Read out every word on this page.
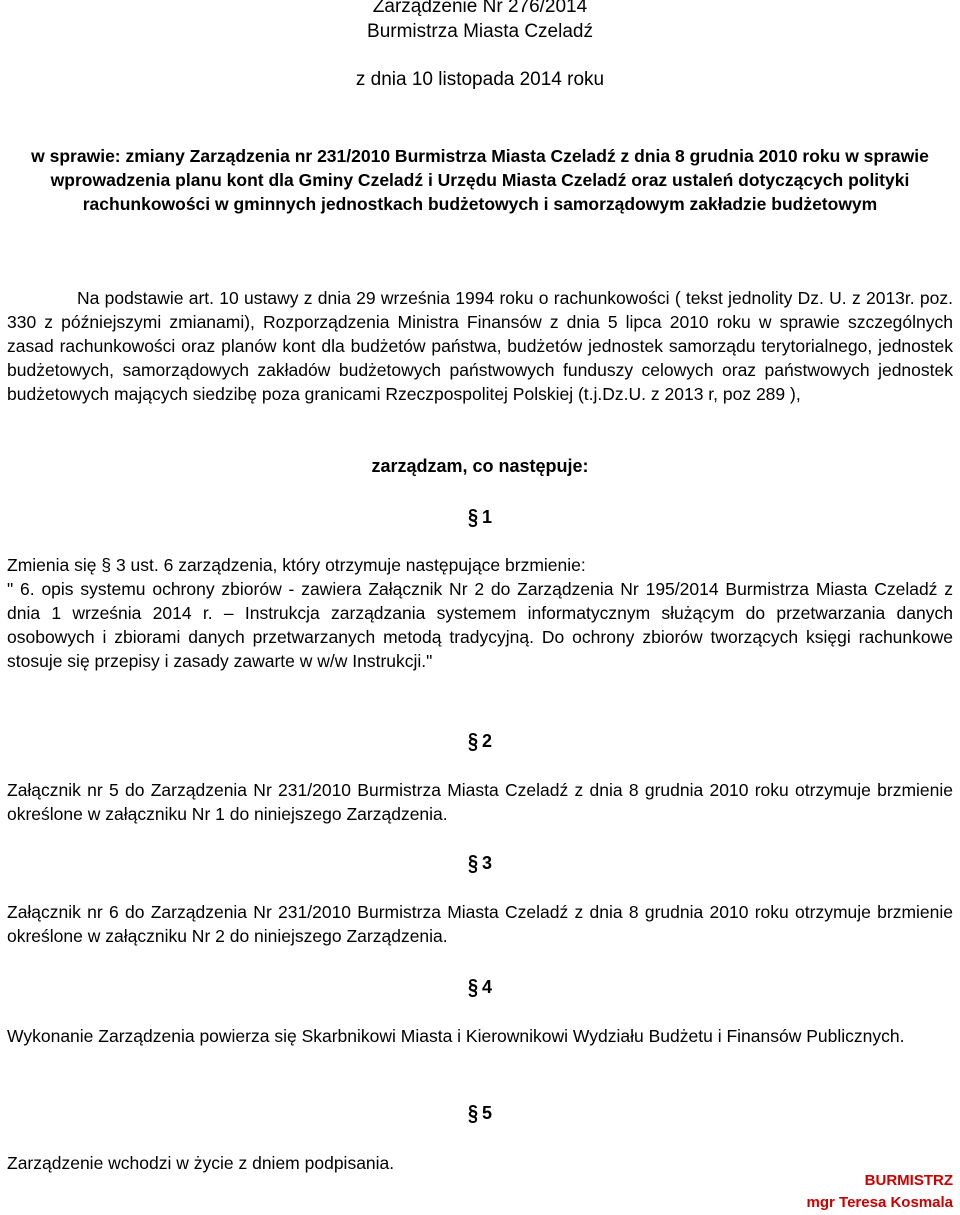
Zarządzenie Nr 276/2014
Burmistrza Miasta Czeladź
z dnia 10 listopada 2014 roku
w sprawie: zmiany Zarządzenia nr 231/2010 Burmistrza Miasta Czeladź z dnia 8 grudnia 2010 roku w sprawie wprowadzenia planu kont dla Gminy Czeladź i Urzędu Miasta Czeladź oraz ustaleń dotyczących polityki rachunkowości w gminnych jednostkach budżetowych i samorządowym zakładzie budżetowym
Na podstawie art. 10 ustawy z dnia 29 września 1994 roku o rachunkowości ( tekst jednolity Dz. U. z 2013r. poz. 330 z późniejszymi zmianami), Rozporządzenia Ministra Finansów z dnia 5 lipca 2010 roku w sprawie szczególnych zasad rachunkowości oraz planów kont dla budżetów państwa, budżetów jednostek samorządu terytorialnego, jednostek budżetowych, samorządowych zakładów budżetowych państwowych funduszy celowych oraz państwowych jednostek budżetowych mających siedzibę poza granicami Rzeczpospolitej Polskiej (t.j.Dz.U. z 2013 r, poz 289 ),
zarządzam, co następuje:
§ 1
Zmienia się § 3 ust. 6 zarządzenia, który otrzymuje następujące brzmienie:
" 6. opis systemu ochrony zbiorów - zawiera Załącznik Nr 2 do Zarządzenia Nr 195/2014 Burmistrza Miasta Czeladź z dnia 1 września 2014 r. – Instrukcja zarządzania systemem informatycznym służącym do przetwarzania danych osobowych i zbiorami danych przetwarzanych metodą tradycyjną. Do ochrony zbiorów tworzących księgi rachunkowe stosuje się przepisy i zasady zawarte w w/w Instrukcji."
§ 2
Załącznik nr 5 do Zarządzenia Nr 231/2010 Burmistrza Miasta Czeladź z dnia 8 grudnia 2010 roku otrzymuje brzmienie określone w załączniku Nr 1 do niniejszego Zarządzenia.
§ 3
Załącznik nr 6 do Zarządzenia Nr 231/2010 Burmistrza Miasta Czeladź z dnia 8 grudnia 2010 roku otrzymuje brzmienie określone w załączniku Nr 2 do niniejszego Zarządzenia.
§ 4
Wykonanie Zarządzenia powierza się Skarbnikowi Miasta i Kierownikowi Wydziału Budżetu i Finansów Publicznych.
§ 5
Zarządzenie wchodzi w życie z dniem podpisania.
BURMISTRZ
mgr Teresa Kosmala
